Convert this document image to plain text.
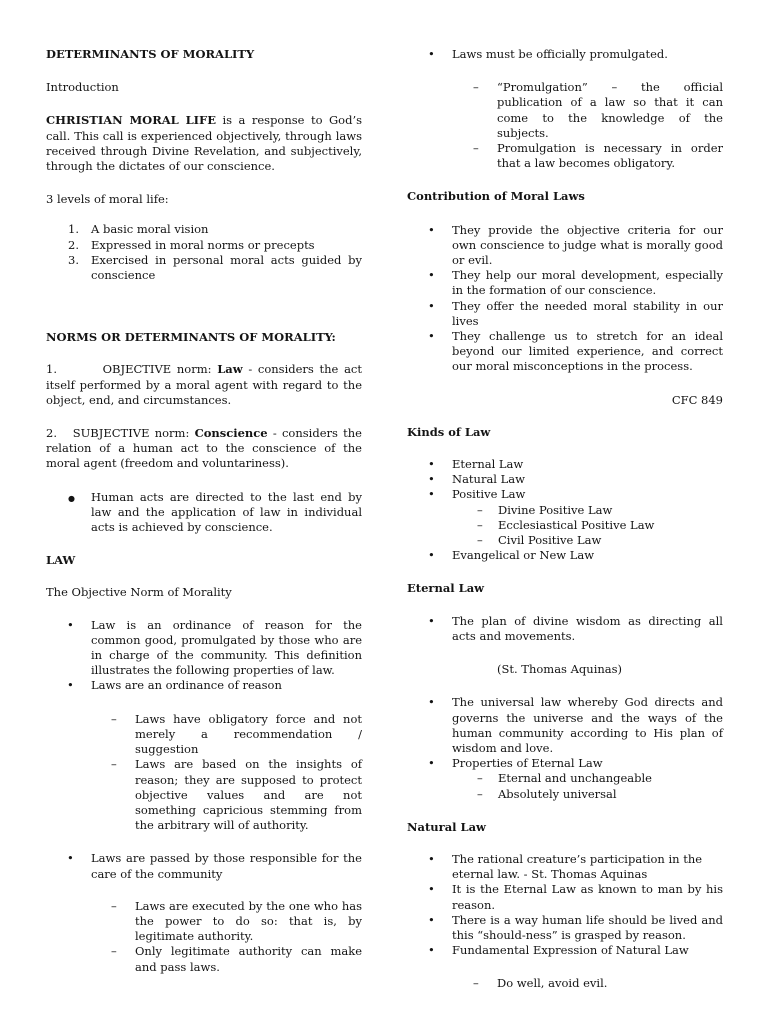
DETERMINANTS OF MORALITY

Introduction

CHRISTIAN MORAL LIFE is a response to God’s call. This call is experienced objectively, through laws received through Divine Revelation, and subjectively, through the dictates of our conscience.

3 levels of moral life:

1. A basic moral vision
2. Expressed in moral norms or precepts
3. Exercised in personal moral acts guided by conscience

NORMS OR DETERMINANTS OF MORALITY:

1.        OBJECTIVE norm: Law - considers the act itself performed by a moral agent with regard to the object, end, and circumstances.

2.   SUBJECTIVE norm: Conscience - considers the relation of a human act to the conscience of the moral agent (freedom and voluntariness).

● Human acts are directed to the last end by law and the application of law in individual acts is achieved by conscience.

LAW

The Objective Norm of Morality

• Law is an ordinance of reason for the common good, promulgated by those who are in charge of the community. This definition illustrates the following properties of law.
• Laws are an ordinance of reason
– Laws have obligatory force and not merely a recommendation / suggestion
– Laws are based on the insights of reason; they are supposed to protect objective values and are not something capricious stemming from the arbitrary will of authority.
• Laws are passed by those responsible for the care of the community
– Laws are executed by the one who has the power to do so: that is, by legitimate authority.
– Only legitimate authority can make and pass laws.
• Laws must be officially promulgated.
– “Promulgation” – the official publication of a law so that it can come to the knowledge of the subjects.
– Promulgation is necessary in order that a law becomes obligatory.

Contribution of Moral Laws

• They provide the objective criteria for our own conscience to judge what is morally good or evil.
• They help our moral development, especially in the formation of our conscience.
• They offer the needed moral stability in our lives
• They challenge us to stretch for an ideal beyond our limited experience, and correct our moral misconceptions in the process.

CFC 849

Kinds of Law

• Eternal Law
• Natural Law
• Positive Law
– Divine Positive Law
– Ecclesiastical Positive Law
– Civil Positive Law
• Evangelical or New Law

Eternal Law

• The plan of divine wisdom as directing all acts and movements.

(St. Thomas Aquinas)

• The universal law whereby God directs and governs the universe and the ways of the human community according to His plan of wisdom and love.
• Properties of Eternal Law
– Eternal and unchangeable
– Absolutely universal

Natural Law

• The rational creature’s participation in the eternal law. - St. Thomas Aquinas
• It is the Eternal Law as known to man by his reason.
• There is a way human life should be lived and this “should-ness” is grasped by reason.
• Fundamental Expression of Natural Law
– Do well, avoid evil.
